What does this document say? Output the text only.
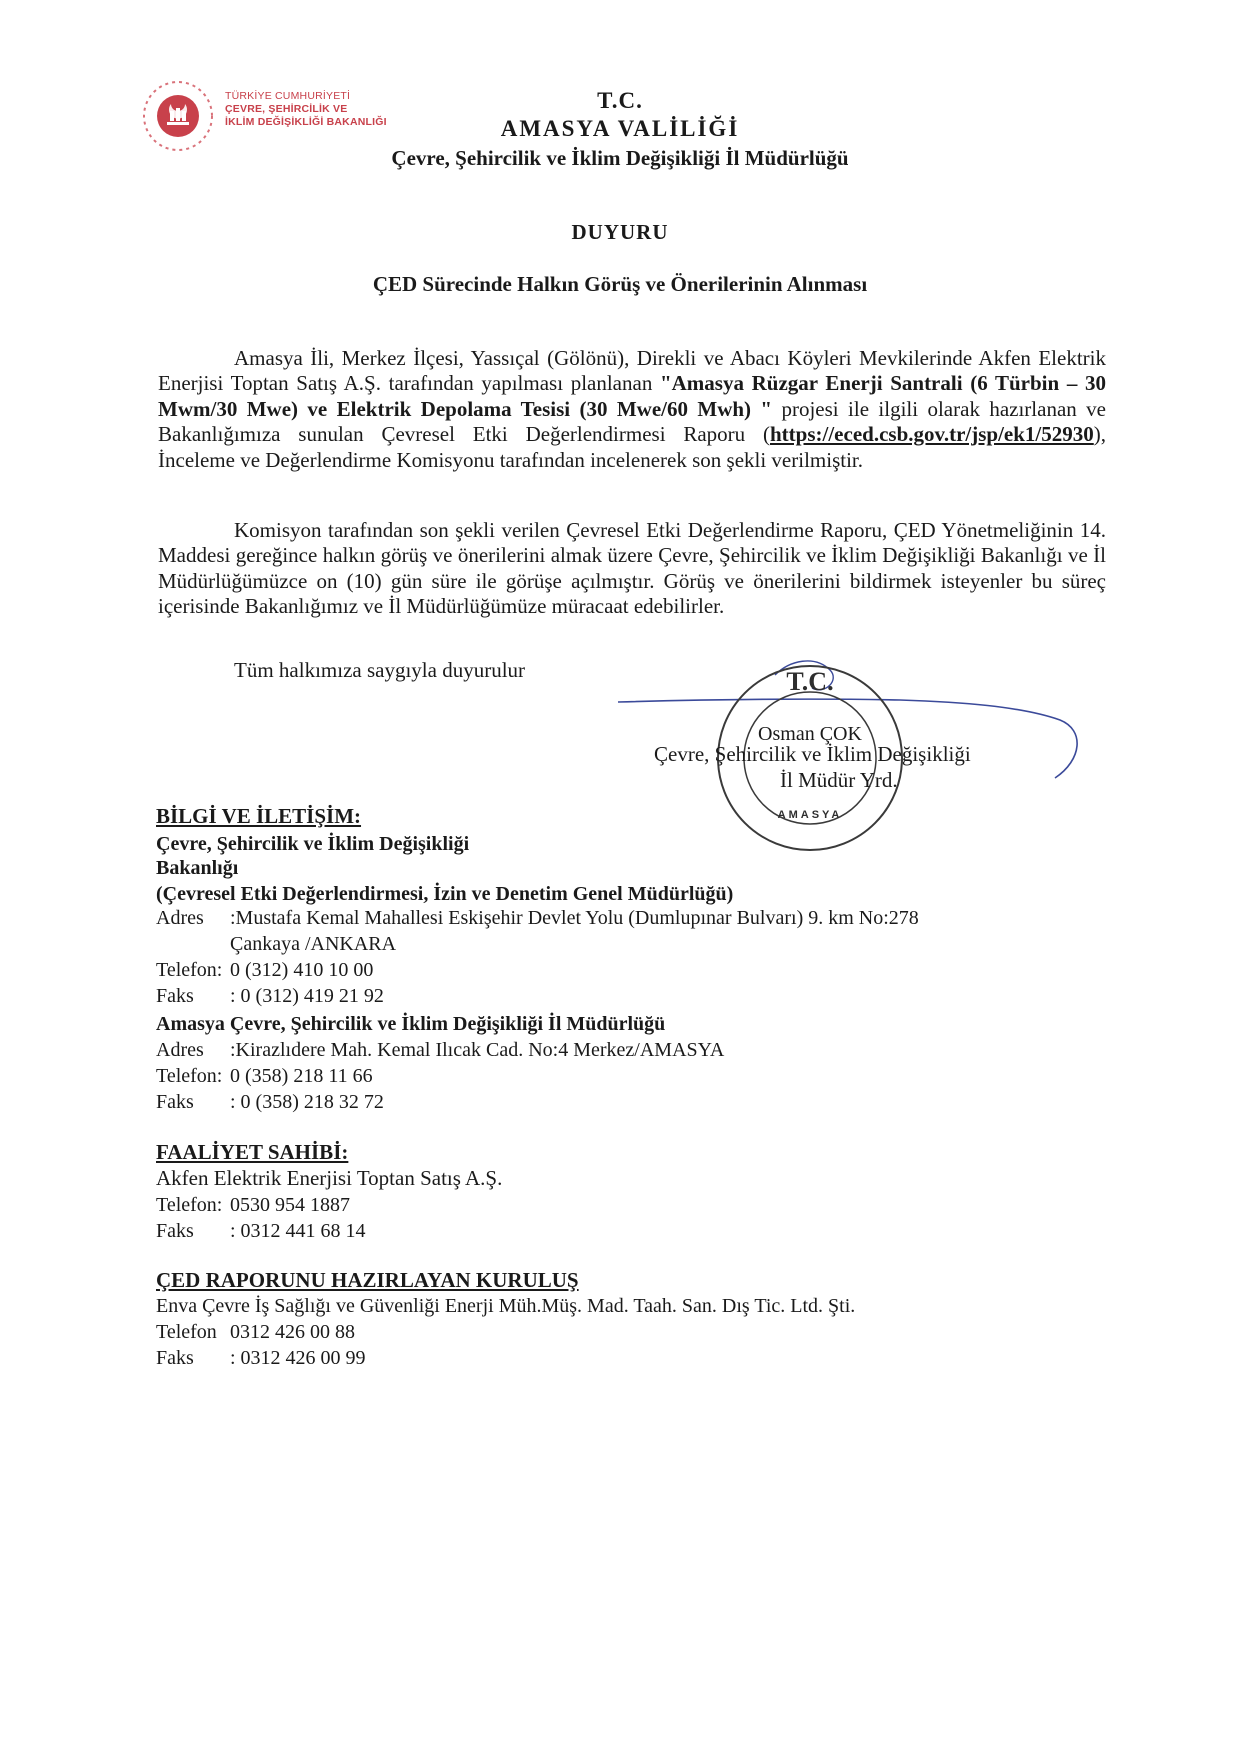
TÜRKİYE CUMHURİYETİ
ÇEVRE, ŞEHİRCİLİK VE
İKLİM DEĞİŞİKLİĞİ BAKANLIĞI
T.C.
AMASYA VALİLİĞİ
Çevre, Şehircilik ve İklim Değişikliği İl Müdürlüğü
DUYURU
ÇED Sürecinde Halkın Görüş ve Önerilerinin Alınması
Amasya İli, Merkez İlçesi, Yassıçal (Gölönü), Direkli ve Abacı Köyleri Mevkilerinde Akfen Elektrik Enerjisi Toptan Satış A.Ş. tarafından yapılması planlanan "Amasya Rüzgar Enerji Santrali (6 Türbin – 30 Mwm/30 Mwe) ve Elektrik Depolama Tesisi (30 Mwe/60 Mwh) " projesi ile ilgili olarak hazırlanan ve Bakanlığımıza sunulan Çevresel Etki Değerlendirmesi Raporu (https://eced.csb.gov.tr/jsp/ek1/52930), İnceleme ve Değerlendirme Komisyonu tarafından incelenerek son şekli verilmiştir.
Komisyon tarafından son şekli verilen Çevresel Etki Değerlendirme Raporu, ÇED Yönetmeliğinin 14. Maddesi gereğince halkın görüş ve önerilerini almak üzere Çevre, Şehircilik ve İklim Değişikliği Bakanlığı ve İl Müdürlüğümüzce on (10) gün süre ile görüşe açılmıştır. Görüş ve önerilerini bildirmek isteyenler bu süreç içerisinde Bakanlığımız ve İl Müdürlüğümüze müracaat edebilirler.
Tüm halkımıza saygıyla duyurulur	T.C.
AMASYA
Osman ÇOK
Çevre, Şehircilik ve İklim Değişikliği
İl Müdür Yrd.
BİLGİ VE İLETİŞİM:
Çevre, Şehircilik ve İklim Değişikliği
Bakanlığı
(Çevresel Etki Değerlendirmesi, İzin ve Denetim Genel Müdürlüğü)
Adres :Mustafa Kemal Mahallesi Eskişehir Devlet Yolu (Dumlupınar Bulvarı) 9. km No:278
Çankaya /ANKARA
Telefon: 0 (312) 410 10 00
Faks : 0 (312) 419 21 92
Amasya Çevre, Şehircilik ve İklim Değişikliği İl Müdürlüğü
Adres :Kirazlıdere Mah. Kemal Ilıcak Cad. No:4 Merkez/AMASYA
Telefon: 0 (358) 218 11 66
Faks : 0 (358) 218 32 72
FAALİYET SAHİBİ:
Akfen Elektrik Enerjisi Toptan Satış A.Ş.
Telefon: 0530 954 1887
Faks : 0312 441 68 14
ÇED RAPORUNU HAZIRLAYAN KURULUŞ
Enva Çevre İş Sağlığı ve Güvenliği Enerji Müh.Müş. Mad. Taah. San. Dış Tic. Ltd. Şti.
Telefon 0312 426 00 88
Faks : 0312 426 00 99
